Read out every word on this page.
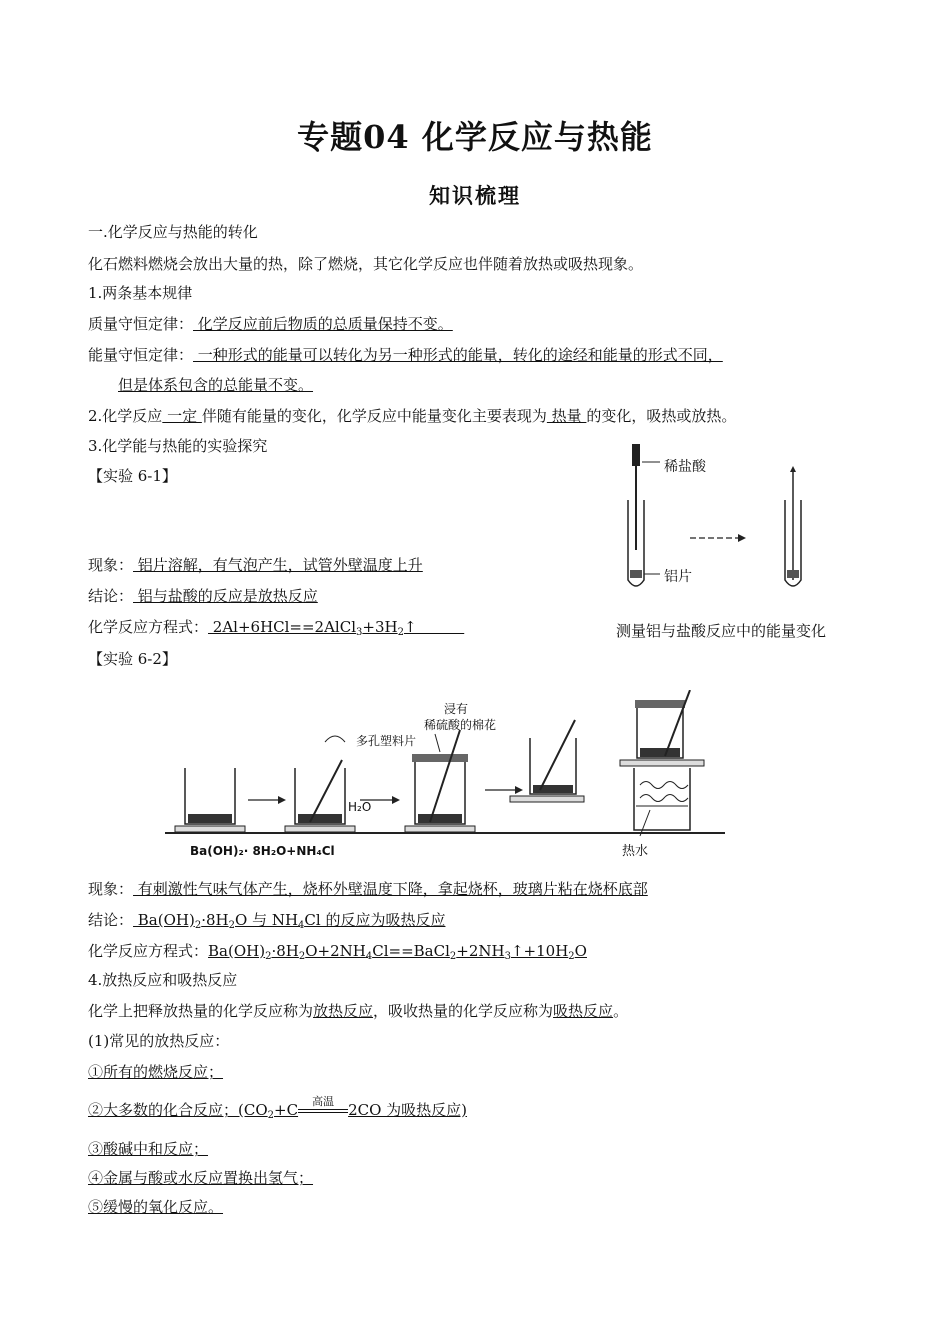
专题04 化学反应与热能
知识梳理
一.化学反应与热能的转化
化石燃料燃烧会放出大量的热，除了燃烧，其它化学反应也伴随着放热或吸热现象。
1.两条基本规律
质量守恒定律： 化学反应前后物质的总质量保持不变。
能量守恒定律： 一种形式的能量可以转化为另一种形式的能量，转化的途经和能量的形式不同，
但是体系包含的总能量不变。
2.化学反应 一定 伴随有能量的变化，化学反应中能量变化主要表现为 热量 的变化，吸热或放热。
3.化学能与热能的实验探究
【实验 6-1】	稀盐酸
铝片
测量铝与盐酸反应中的能量变化
现象： 铝片溶解，有气泡产生，试管外壁温度上升
结论： 铝与盐酸的反应是放热反应
化学反应方程式： $2Al+6HCl==2AlCl_3+3H_2↑$
【实验 6-2】
浸有
稀硫酸的棉花
多孔塑料片
H₂O
Ba(OH)₂· 8H₂O+NH₄Cl	热水
现象： 有刺激性气味气体产生，烧杯外壁温度下降，拿起烧杯，玻璃片粘在烧杯底部
结论： $Ba(OH)_2\cdot 8H_2O$ 与 $NH_4Cl$ 的反应为吸热反应
化学反应方程式：$Ba(OH)_2\cdot 8H_2O+2NH_4Cl==BaCl_2+2NH_3↑+10H_2O$
4.放热反应和吸热反应
化学上把释放热量的化学反应称为放热反应，吸收热量的化学反应称为吸热反应。
(1)常见的放热反应：
①所有的燃烧反应；
②大多数的化合反应；($CO_2+C$	高温 2CO 为吸热反应)
③酸碱中和反应；
④金属与酸或水反应置换出氢气；
⑤缓慢的氧化反应。
